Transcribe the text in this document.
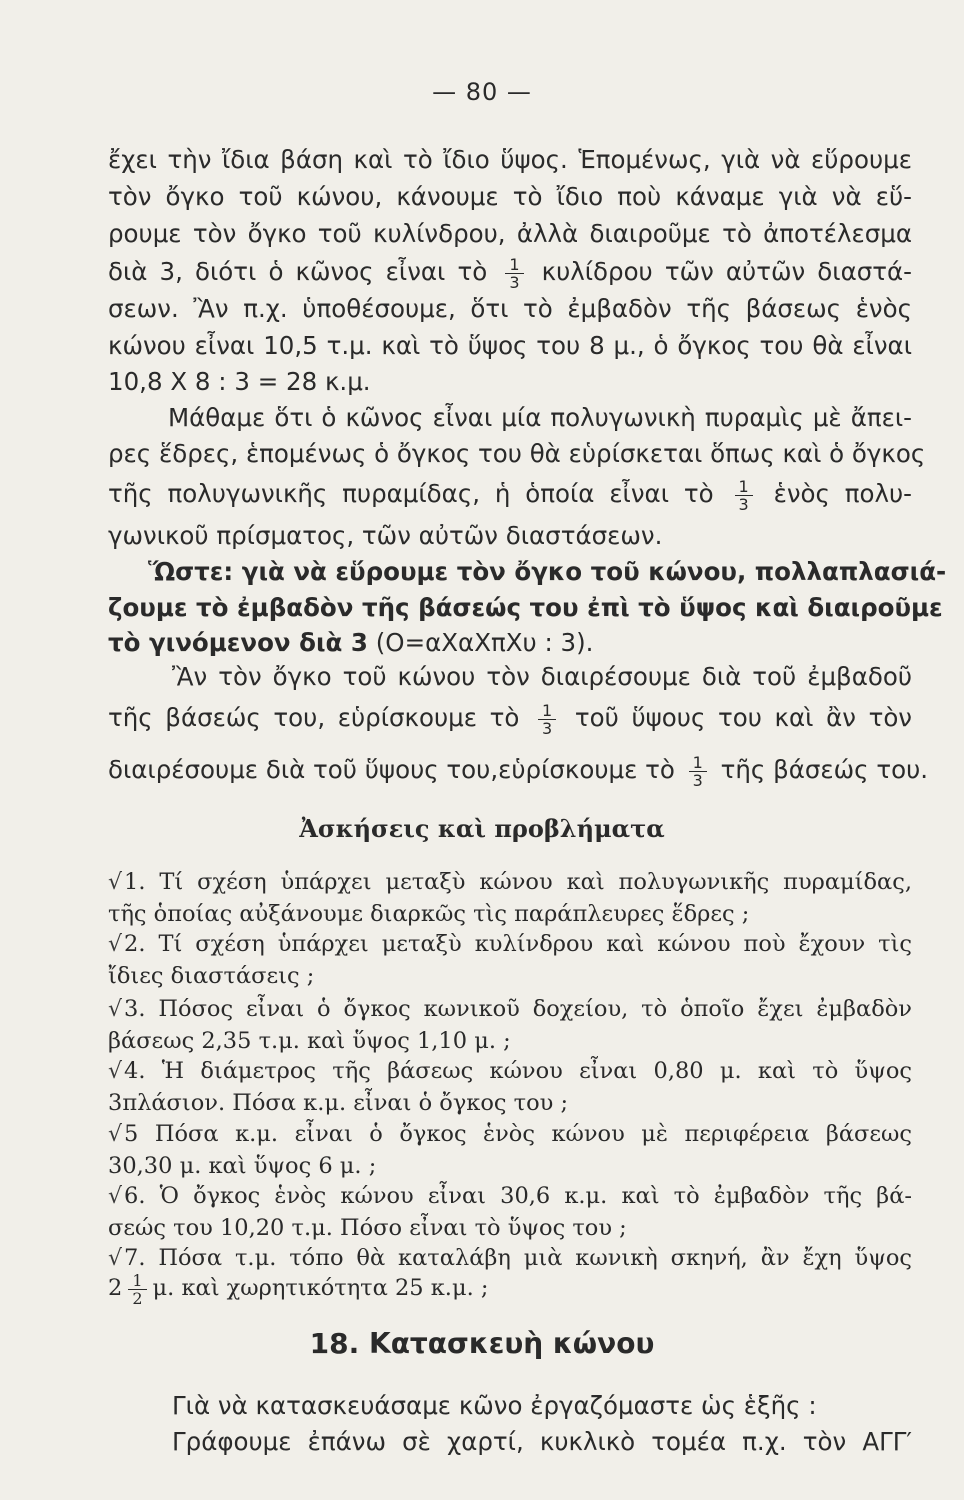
— 80 —
ἔχει τὴν ἴδια βάση καὶ τὸ ἴδιο ὕψος. Ἑπομένως, γιὰ νὰ εὕρουμε
τὸν ὄγκο τοῦ κώνου, κάνουμε τὸ ἴδιο ποὺ κάναμε γιὰ νὰ εὕ-
ρουμε τὸν ὄγκο τοῦ κυλίνδρου, ἀλλὰ διαιροῦμε τὸ ἀποτέλεσμα
διὰ 3, διότι ὁ κῶνος εἶναι τὸ $\frac{1}{3}$ κυλίδρου τῶν αὐτῶν διαστά-
σεων. Ἂν π.χ. ὑποθέσουμε, ὅτι τὸ ἐμβαδὸν τῆς βάσεως ἑνὸς
κώνου εἶναι 10,5 τ.μ. καὶ τὸ ὕψος του 8 μ., ὁ ὄγκος του θὰ εἶναι
10,8 X 8 : 3 = 28 κ.μ.
Μάθαμε ὅτι ὁ κῶνος εἶναι μία πολυγωνικὴ πυραμὶς μὲ ἄπει-
ρες ἕδρες, ἑπομένως ὁ ὄγκος του θὰ εὑρίσκεται ὅπως καὶ ὁ ὄγκος
τῆς πολυγωνικῆς πυραμίδας, ἡ ὁποία εἶναι τὸ $\frac{1}{3}$ ἑνὸς πολυ-
γωνικοῦ πρίσματος, τῶν αὐτῶν διαστάσεων.
Ὥστε: γιὰ νὰ εὕρουμε τὸν ὄγκο τοῦ κώνου, πολλαπλασιά-
ζουμε τὸ ἐμβαδὸν τῆς βάσεώς του ἐπὶ τὸ ὕψος καὶ διαιροῦμε
τὸ γινόμενον διὰ 3 (Ο=αXαXπXυ : 3).
Ἂν τὸν ὄγκο τοῦ κώνου τὸν διαιρέσουμε διὰ τοῦ ἐμβαδοῦ
τῆς βάσεώς του, εὑρίσκουμε τὸ $\frac{1}{3}$ τοῦ ὕψους του καὶ ἂν τὸν
διαιρέσουμε διὰ τοῦ ὕψους του,εὑρίσκουμε τὸ $\frac{1}{3}$ τῆς βάσεώς του.
Ἀσκήσεις καὶ προβλήματα
√1. Τί σχέση ὑπάρχει μεταξὺ κώνου καὶ πολυγωνικῆς πυραμίδας,
τῆς ὁποίας αὐξάνουμε διαρκῶς τὶς παράπλευρες ἕδρες ;
√2. Τί σχέση ὑπάρχει μεταξὺ κυλίνδρου καὶ κώνου ποὺ ἔχουν τὶς
ἴδιες διαστάσεις ;
√3. Πόσος εἶναι ὁ ὄγκος κωνικοῦ δοχείου, τὸ ὁποῖο ἔχει ἐμβαδὸν
βάσεως 2,35 τ.μ. καὶ ὕψος 1,10 μ. ;
√4. Ἡ διάμετρος τῆς βάσεως κώνου εἶναι 0,80 μ. καὶ τὸ ὕψος
3πλάσιον. Πόσα κ.μ. εἶναι ὁ ὄγκος του ;
√5 Πόσα κ.μ. εἶναι ὁ ὄγκος ἑνὸς κώνου μὲ περιφέρεια βάσεως
30,30 μ. καὶ ὕψος 6 μ. ;
√6. Ὁ ὄγκος ἑνὸς κώνου εἶναι 30,6 κ.μ. καὶ τὸ ἐμβαδὸν τῆς βά-
σεώς του 10,20 τ.μ. Πόσο εἶναι τὸ ὕψος του ;
√7. Πόσα τ.μ. τόπο θὰ καταλάβη μιὰ κωνικὴ σκηνή, ἂν ἔχη ὕψος
$2 \frac{1}{2} \mu$. καὶ χωρητικότητα 25 κ.μ. ;
18. Κατασκευὴ κώνου
Γιὰ νὰ κατασκευάσαμε κῶνο ἐργαζόμαστε ὡς ἑξῆς :
Γράφουμε ἐπάνω σὲ χαρτί, κυκλικὸ τομέα π.χ. τὸν ΑΓΓ′
